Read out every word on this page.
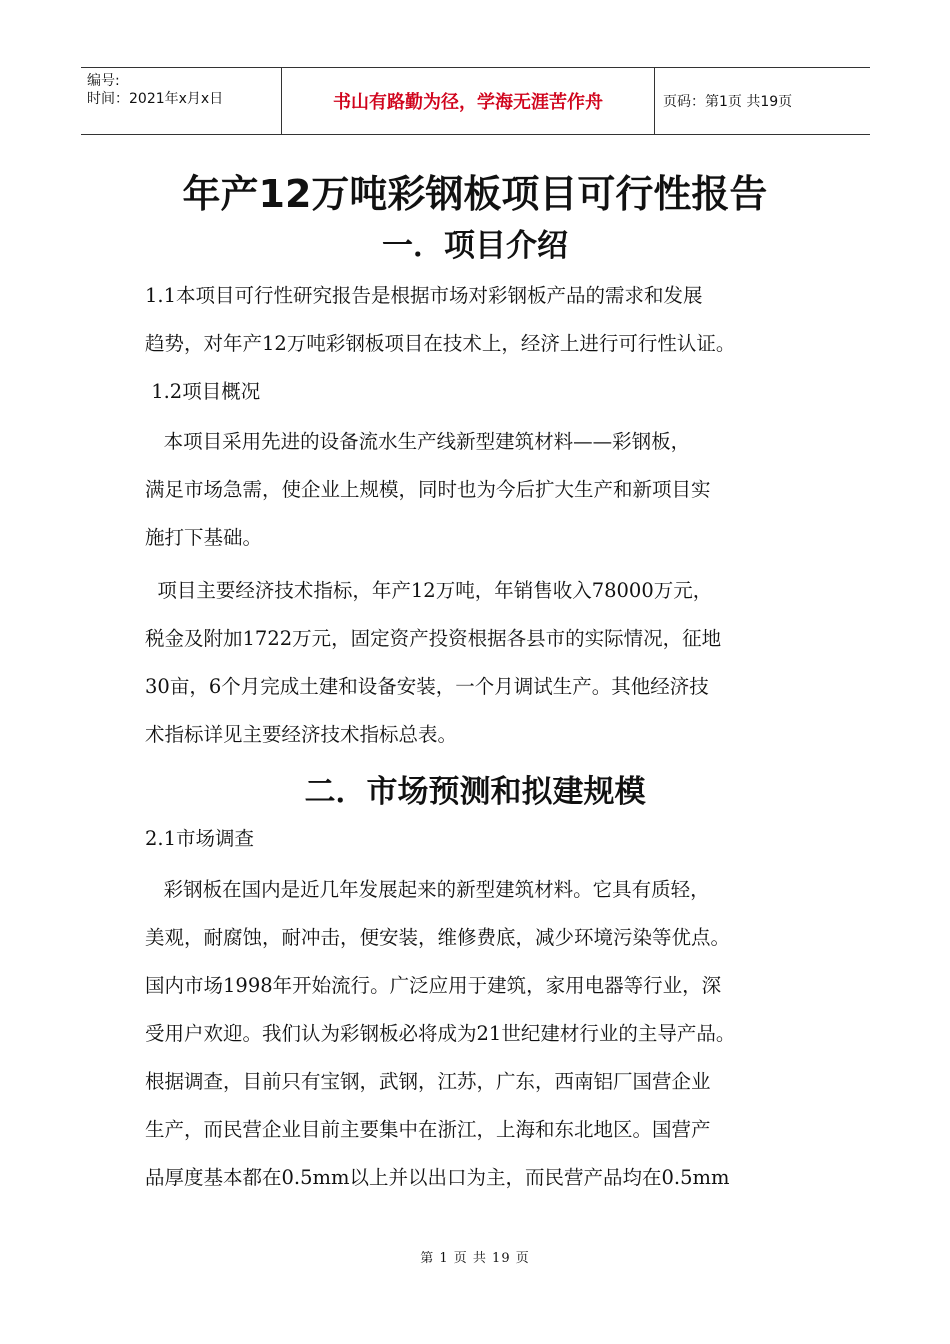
编号:
时间：2021年x月x日	书山有路勤为径，学海无涯苦作舟	页码：第1页 共19页
年产12万吨彩钢板项目可行性报告
一．项目介绍

1.1本项目可行性研究报告是根据市场对彩钢板产品的需求和发展
趋势，对年产12万吨彩钢板项目在技术上，经济上进行可行性认证。

1.2项目概况

本项目采用先进的设备流水生产线新型建筑材料——彩钢板，
满足市场急需，使企业上规模，同时也为今后扩大生产和新项目实
施打下基础。

项目主要经济技术指标，年产12万吨，年销售收入78000万元，
税金及附加1722万元，固定资产投资根据各县市的实际情况，征地
30亩，6个月完成土建和设备安装，一个月调试生产。其他经济技
术指标详见主要经济技术指标总表。

二．市场预测和拟建规模

2.1市场调查

彩钢板在国内是近几年发展起来的新型建筑材料。它具有质轻，
美观，耐腐蚀，耐冲击，便安装，维修费底，减少环境污染等优点。
国内市场1998年开始流行。广泛应用于建筑，家用电器等行业，深
受用户欢迎。我们认为彩钢板必将成为21世纪建材行业的主导产品。
根据调查，目前只有宝钢，武钢，江苏，广东，西南铝厂国营企业
生产，而民营企业目前主要集中在浙江，上海和东北地区。国营产
品厚度基本都在0.5mm以上并以出口为主，而民营产品均在0.5mm

第 1 页 共 19 页
